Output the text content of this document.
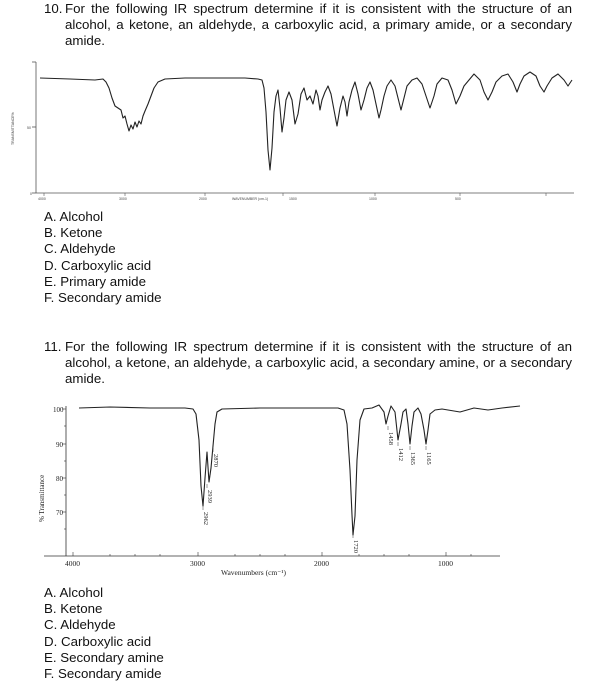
10. For the following IR spectrum determine if it is consistent with the structure of an alcohol, a ketone, an aldehyde, a carboxylic acid, a primary amide, or a secondary amide.
TRANSMITTANCE%	50
0
4000	3000	2000	1500	1000	500
WAVENUMBER (cm-1)
A. Alcohol
B. Ketone
C. Aldehyde
D. Carboxylic acid
E. Primary amide
F. Secondary amide
11. For the following IR spectrum determine if it is consistent with the structure of an alcohol, a ketone, an aldehyde, a carboxylic acid, a secondary amine, or a secondary amide.
100
90
80
70
% Transmittance
4000	3000	2000	1000
Wavenumbers (cm⁻¹)
2962
2939
2870
1720
1458
1412 1365 1165
A. Alcohol
B. Ketone
C. Aldehyde
D. Carboxylic acid
E. Secondary amine
F. Secondary amide
